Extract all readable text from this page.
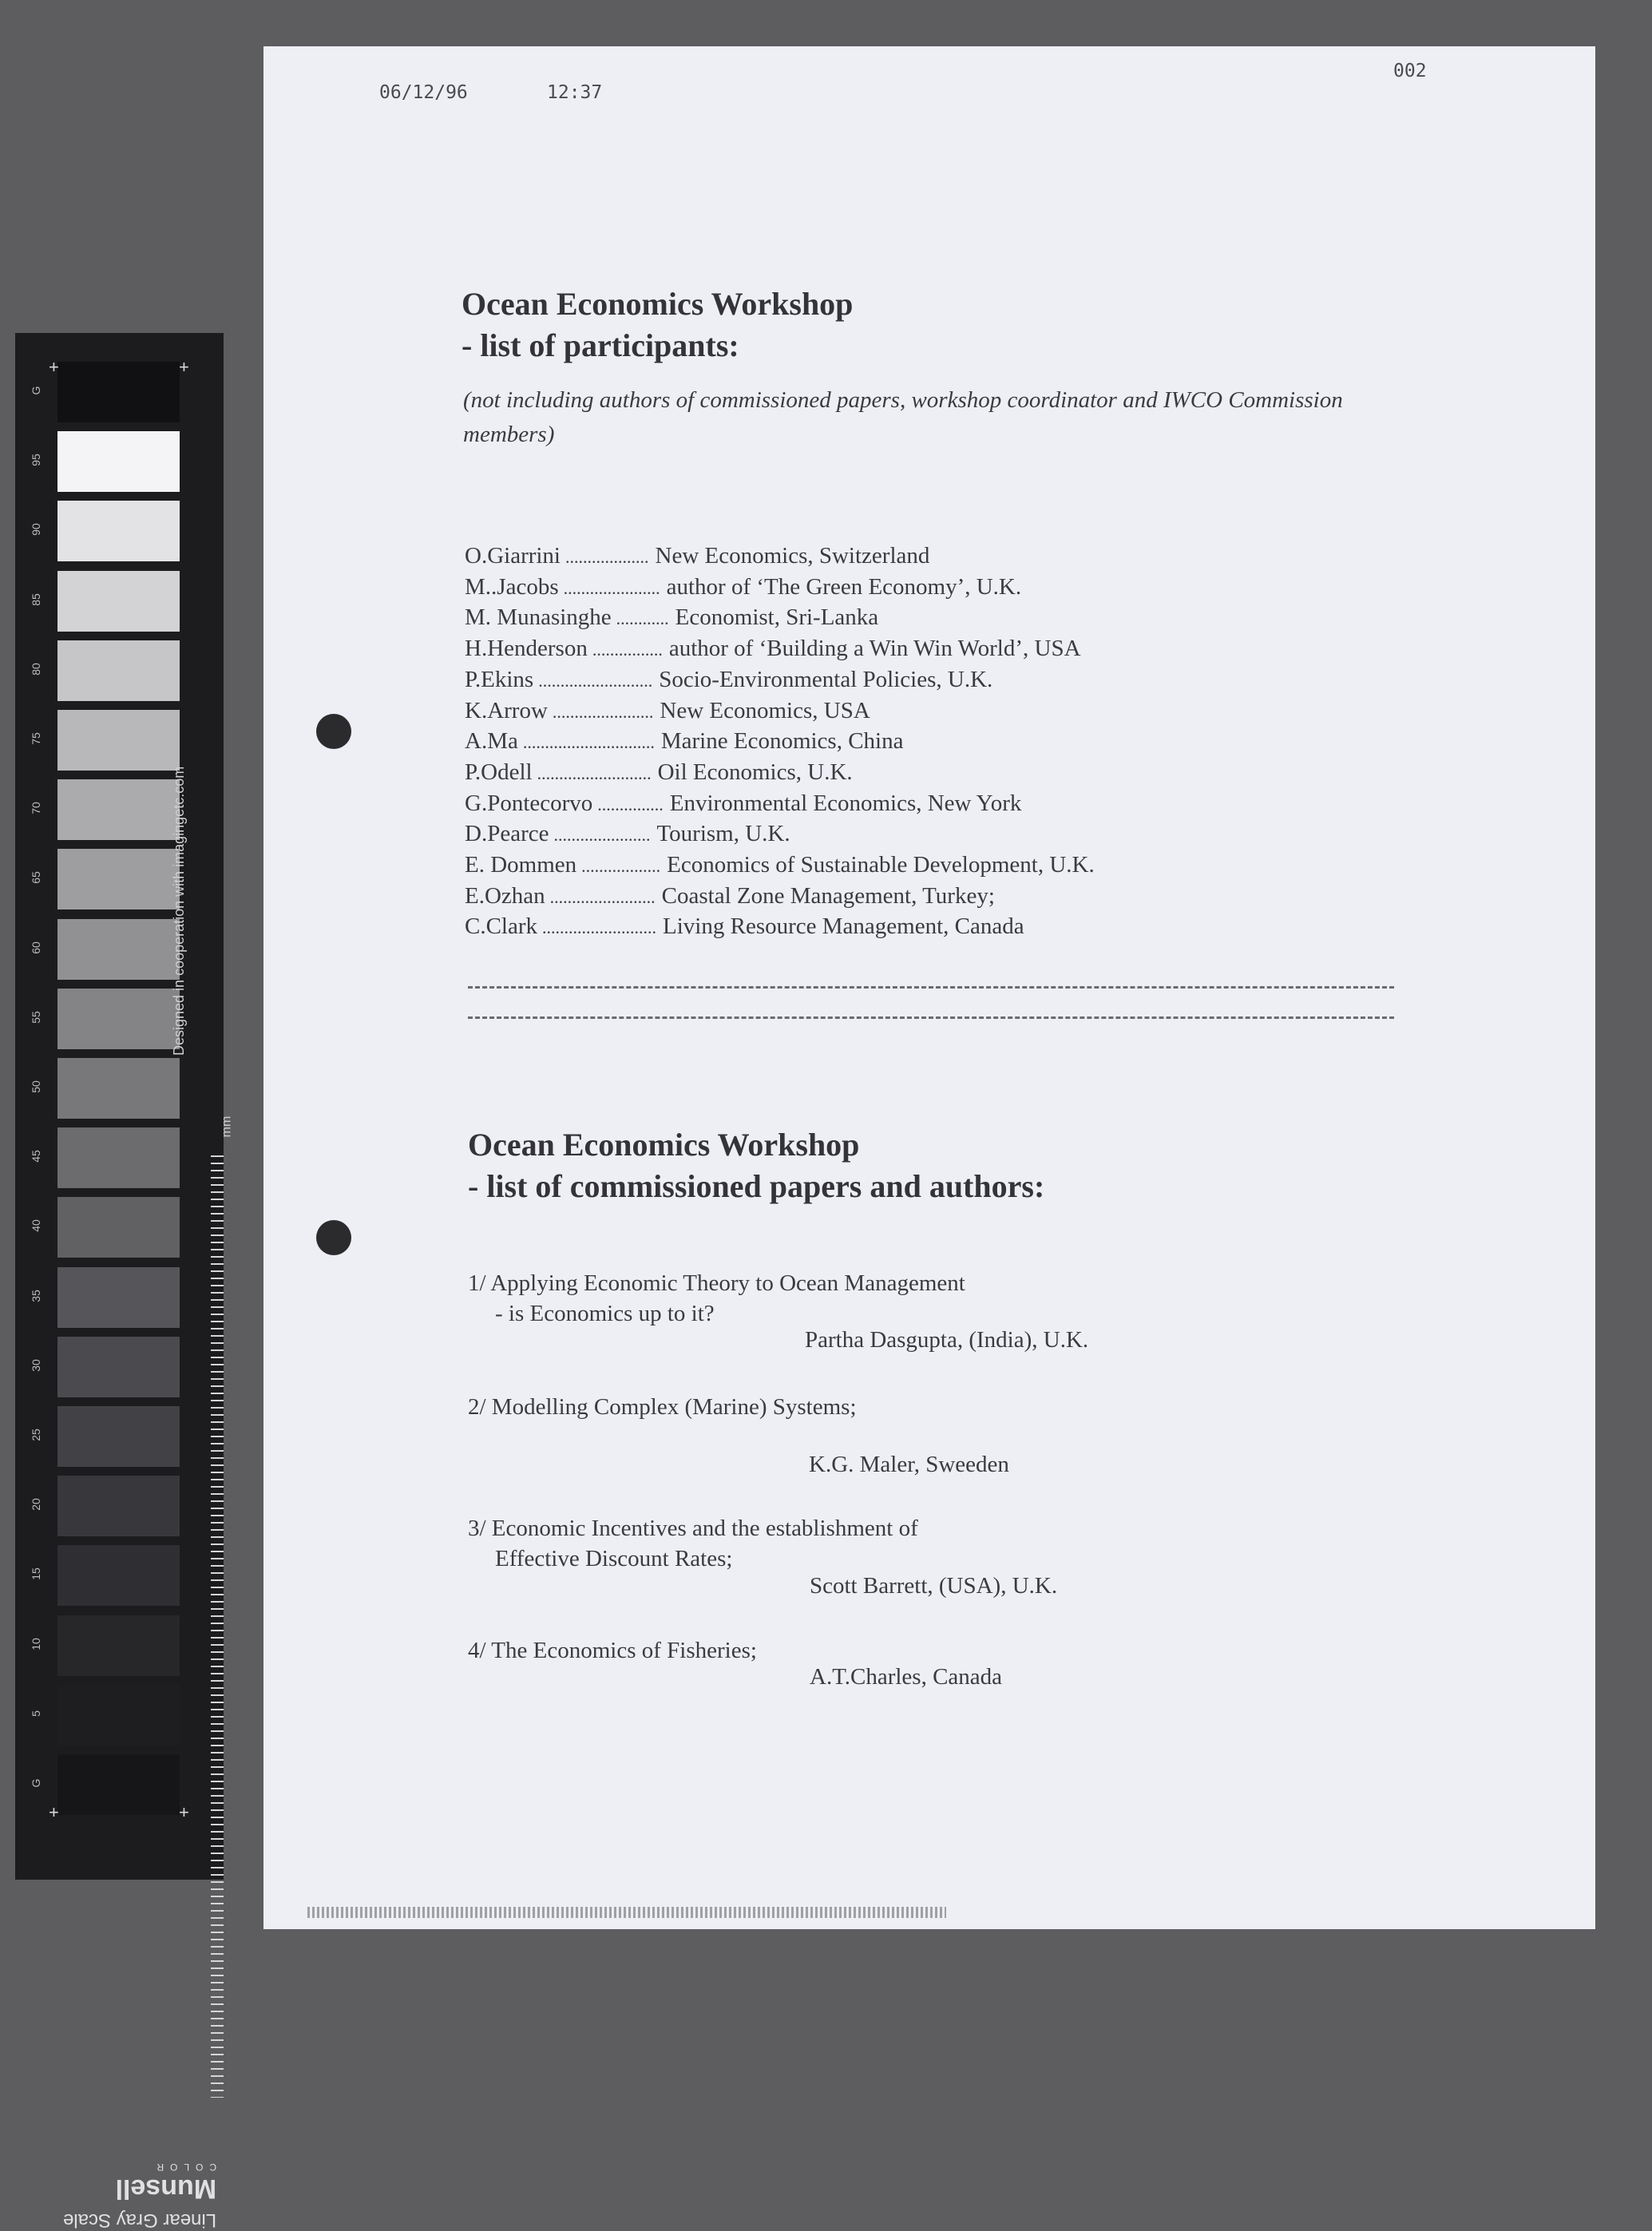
G
95
90
85
80
75
70
65
60
55
50
45
40
35
30
25
20
15
10
5
G
Designed in cooperation with imagingetc.com
mm
+	+
+	+
Linear Gray Scale
Munsell
COLOR
06/12/96	12:37
002
Ocean Economics Workshop
- list of participants:

(not including authors of commissioned papers, workshop coordinator and IWCO Commission members)

O.Giarrini ................... New Economics, Switzerland
M..Jacobs ...................... author of ‘The Green Economy’, U.K.
M. Munasinghe ............ Economist, Sri-Lanka
H.Henderson ................ author of ‘Building a Win Win World’, USA
P.Ekins .......................... Socio-Environmental Policies, U.K.
K.Arrow ....................... New Economics, USA
A.Ma .............................. Marine Economics, China
P.Odell .......................... Oil Economics, U.K.
G.Pontecorvo ............... Environmental Economics, New York
D.Pearce ...................... Tourism, U.K.
E. Dommen .................. Economics of Sustainable Development, U.K.
E.Ozhan ........................ Coastal Zone Management, Turkey;
C.Clark .......................... Living Resource Management, Canada
Ocean Economics Workshop
- list of commissioned papers and authors:
1/ Applying Economic Theory to Ocean Management
- is Economics up to it?
Partha Dasgupta, (India), U.K.
2/ Modelling Complex (Marine) Systems;
K.G. Maler, Sweeden
3/ Economic Incentives and the establishment of
Effective Discount Rates;
Scott Barrett, (USA), U.K.
4/ The Economics of Fisheries;
A.T.Charles, Canada
